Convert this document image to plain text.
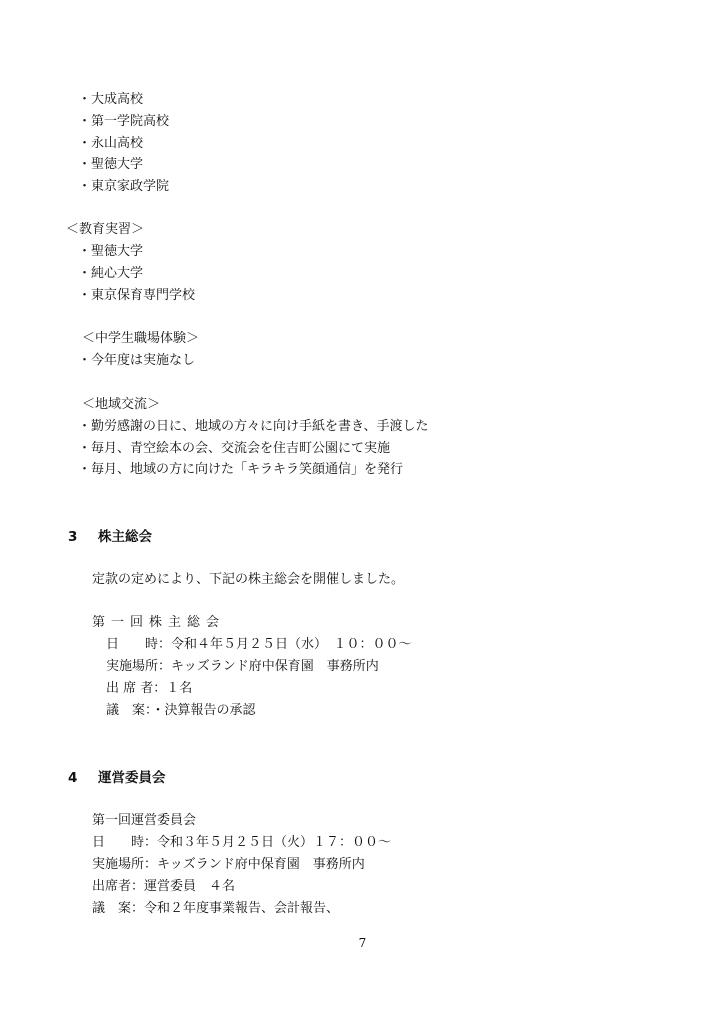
・大成高校
・第一学院高校
・永山高校
・聖徳大学
・東京家政学院
＜教育実習＞
・聖徳大学
・純心大学
・東京保育専門学校
＜中学生職場体験＞
・今年度は実施なし
＜地域交流＞
・勤労感謝の日に、地域の方々に向け手紙を書き、手渡した
・毎月、青空絵本の会、交流会を住吉町公園にて実施
・毎月、地域の方に向けた「キラキラ笑顔通信」を発行
3 株主総会
定款の定めにより、下記の株主総会を開催しました。
第一回株主総会
日　　時：令和４年５月２５日（水）　１０：００～
実施場所：キッズランド府中保育園　事務所内
出 席 者：１名
議　案：・決算報告の承認
4 運営委員会
第一回運営委員会
日　　時：令和３年５月２５日（火）１７：００～
実施場所：キッズランド府中保育園　事務所内
出席者：運営委員　４名
議　案：令和２年度事業報告、会計報告、
7
